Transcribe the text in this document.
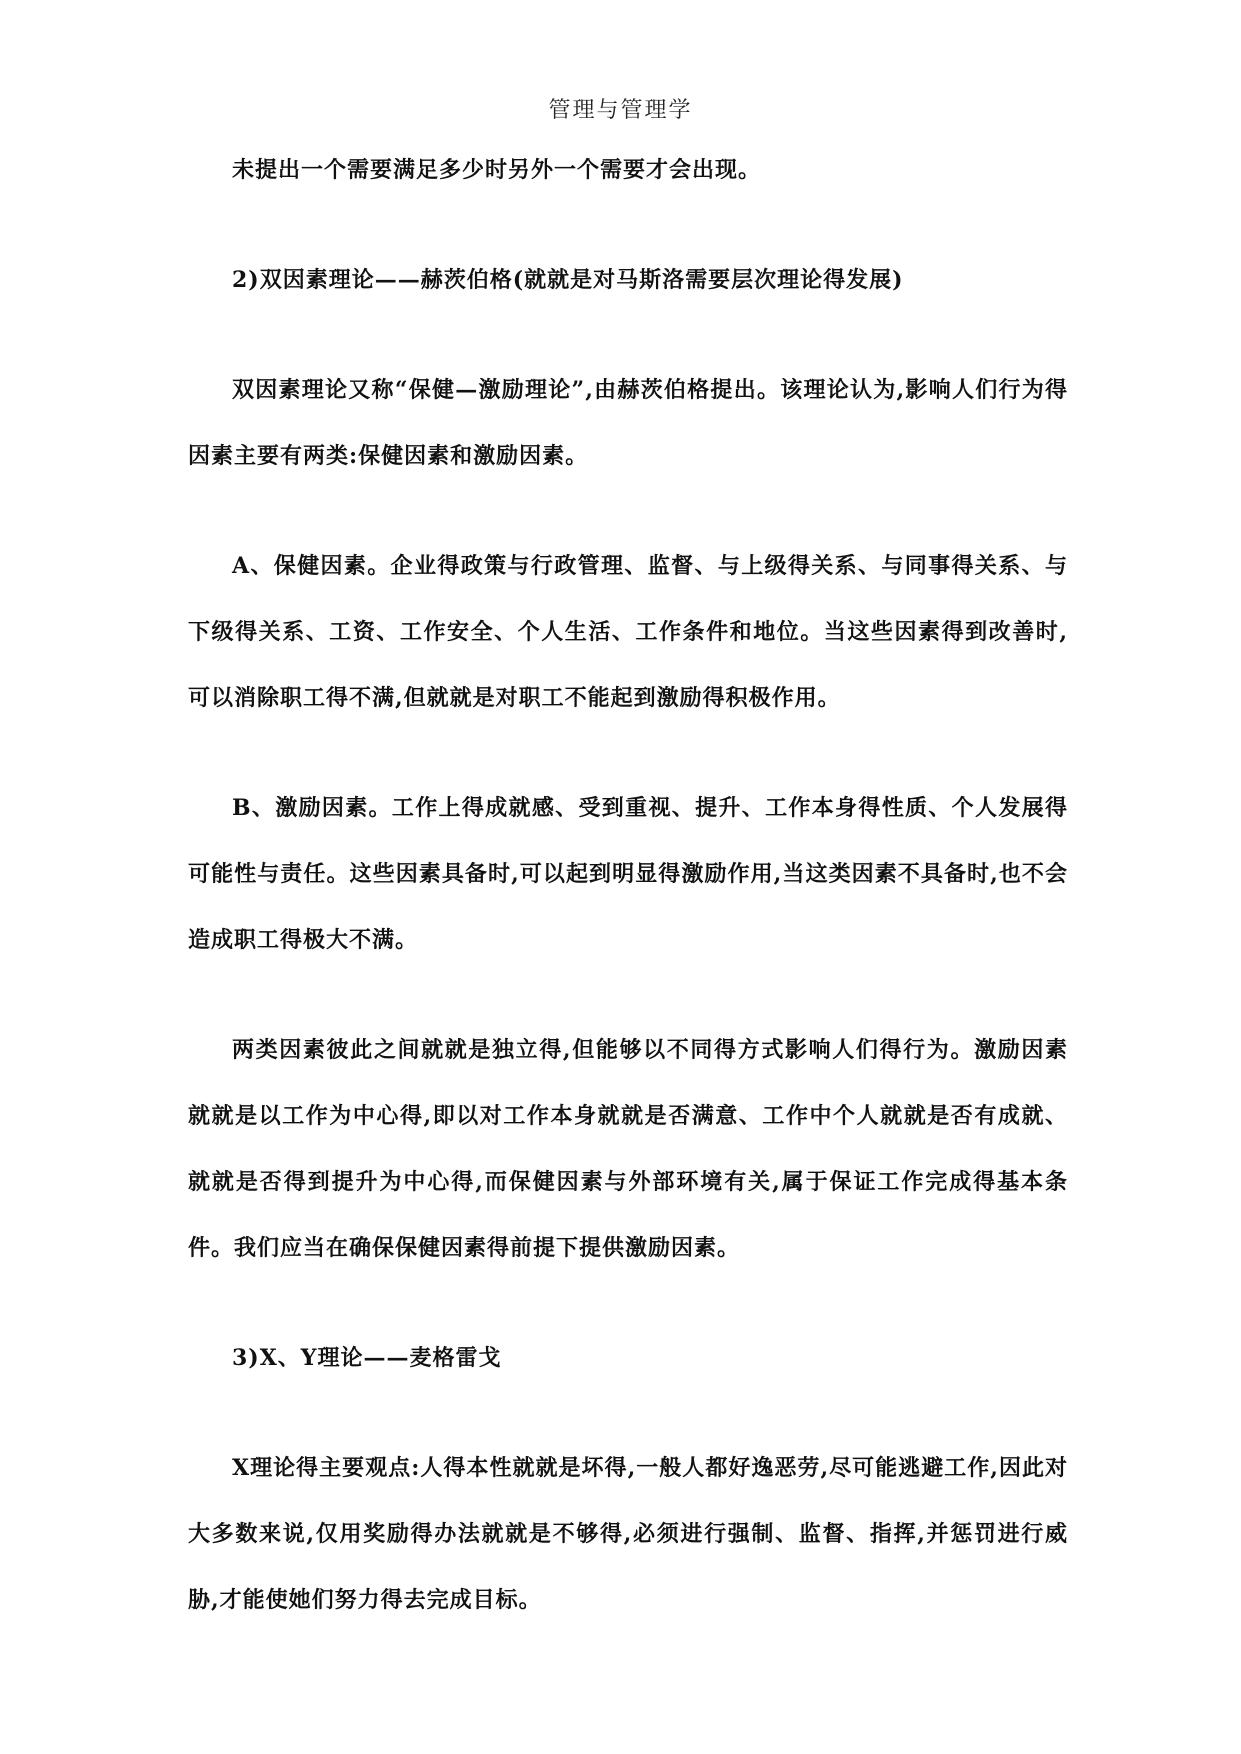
管理与管理学

未提出一个需要满足多少时另外一个需要才会出现。

2)双因素理论——赫茨伯格(就就是对马斯洛需要层次理论得发展)

双因素理论又称“保健—激励理论”,由赫茨伯格提出。该理论认为,影响人们行为得因素主要有两类:保健因素和激励因素。

A、保健因素。企业得政策与行政管理、监督、与上级得关系、与同事得关系、与下级得关系、工资、工作安全、个人生活、工作条件和地位。当这些因素得到改善时,可以消除职工得不满,但就就是对职工不能起到激励得积极作用。

B、激励因素。工作上得成就感、受到重视、提升、工作本身得性质、个人发展得可能性与责任。这些因素具备时,可以起到明显得激励作用,当这类因素不具备时,也不会造成职工得极大不满。

两类因素彼此之间就就是独立得,但能够以不同得方式影响人们得行为。激励因素就就是以工作为中心得,即以对工作本身就就是否满意、工作中个人就就是否有成就、就就是否得到提升为中心得,而保健因素与外部环境有关,属于保证工作完成得基本条件。我们应当在确保保健因素得前提下提供激励因素。

3)X、Y理论——麦格雷戈

X理论得主要观点:人得本性就就是坏得,一般人都好逸恶劳,尽可能逃避工作,因此对大多数来说,仅用奖励得办法就就是不够得,必须进行强制、监督、指挥,并惩罚进行威胁,才能使她们努力得去完成目标。
